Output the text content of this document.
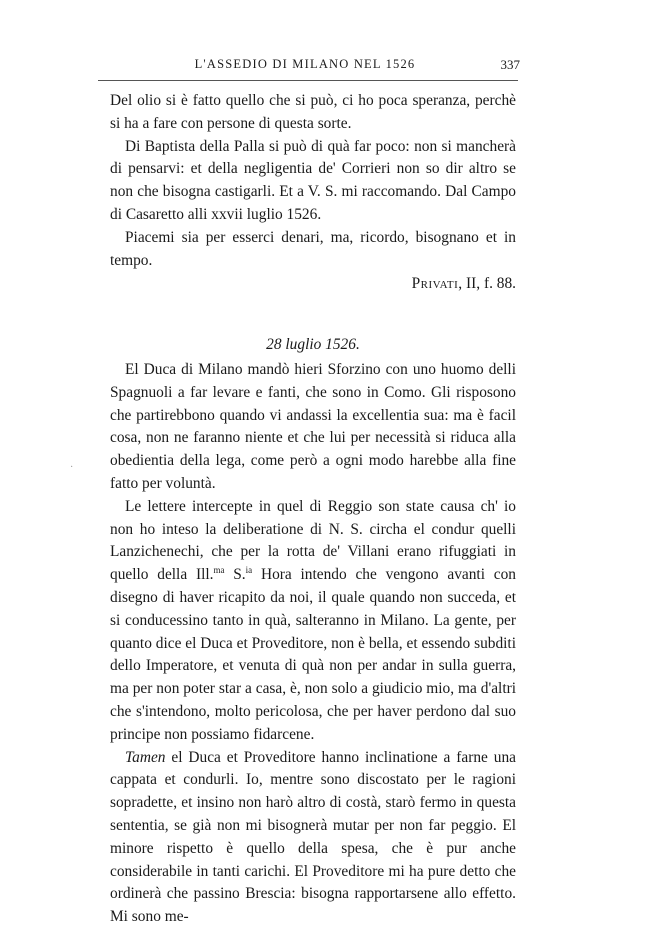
L'ASSEDIO DI MILANO NEL 1526	337
·

Del olio si è fatto quello che si può, ci ho poca speranza, perchè si ha a fare con persone di questa sorte.

Di Baptista della Palla si può di quà far poco: non si mancherà di pensarvi: et della negligentia de' Corrieri non so dir altro se non che bisogna castigarli. Et a V. S. mi raccomando. Dal Campo di Casaretto alli xxvii luglio 1526.

Piacemi sia per esserci denari, ma, ricordo, bisognano et in tempo.

Privati, II, f. 88.

28 luglio 1526.

El Duca di Milano mandò hieri Sforzino con uno huomo delli Spagnuoli a far levare e fanti, che sono in Como. Gli risposono che partirebbono quando vi andassi la excellentia sua: ma è facil cosa, non ne faranno niente et che lui per necessità si riduca alla obedientia della lega, come però a ogni modo harebbe alla fine fatto per voluntà.

Le lettere intercepte in quel di Reggio son state causa ch' io non ho inteso la deliberatione di N. S. circha el condur quelli Lanzichenechi, che per la rotta de' Villani erano rifuggiati in quello della Ill.$^{ma}$ S.$^{ia}$ Hora intendo che vengono avanti con disegno di haver ricapito da noi, il quale quando non succeda, et si conducessino tanto in quà, salteranno in Milano. La gente, per quanto dice el Duca et Proveditore, non è bella, et essendo subditi dello Imperatore, et venuta di quà non per andar in sulla guerra, ma per non poter star a casa, è, non solo a giudicio mio, ma d'altri che s'intendono, molto pericolosa, che per haver perdono dal suo principe non possiamo fidarcene.

Tamen el Duca et Proveditore hanno inclinatione a farne una cappata et condurli. Io, mentre sono discostato per le ragioni sopradette, et insino non harò altro di costà, starò fermo in questa sententia, se già non mi bisognerà mutar per non far peggio. El minore rispetto è quello della spesa, che è pur anche considerabile in tanti carichi. El Proveditore mi ha pure detto che ordinerà che passino Brescia: bisogna rapportarsene allo effetto. Mi sono me-
